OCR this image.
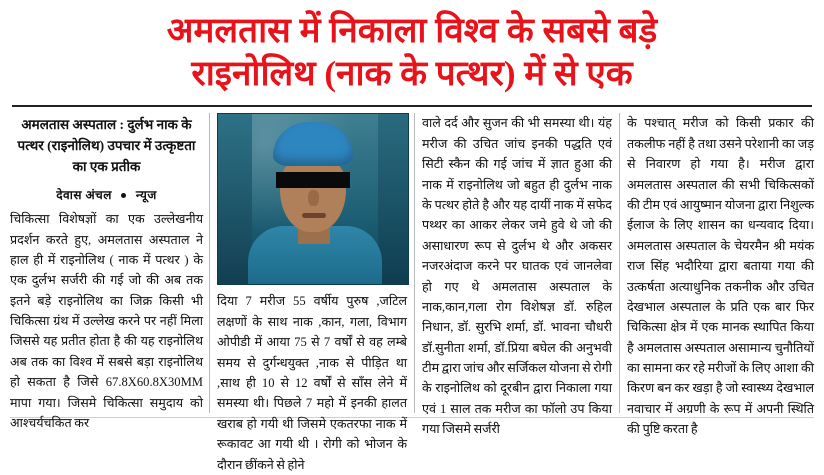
अमलतास में निकाला विश्व के सबसे बड़े
राइनोलिथ (नाक के पत्थर) में से एक
अमलतास अस्पताल : दुर्लभ नाक के पत्थर (राइनोलिथ) उपचार में उत्कृष्टता का एक प्रतीक
देवास अंचल न्यूज

चिकित्सा विशेषज्ञों का एक उल्लेखनीय प्रदर्शन करते हुए, अमलतास अस्पताल ने हाल ही में राइनोलिथ ( नाक में पत्थर ) के एक दुर्लभ सर्जरी की गई जो की अब तक इतने बड़े राइनोलिथ का जिक्र किसी भी चिकित्सा ग्रंथ में उल्लेख करने पर नहीं मिला जिससे यह प्रतीत होता है की यह राइनोलिथ अब तक का विश्व में सबसे बड़ा राइनोलिथ हो सकता है जिसे 67.8X60.8X30MM मापा गया। जिसमे चिकित्सा समुदाय को आश्चर्यचकित कर

दिया 7 मरीज 55 वर्षीय पुरुष ,जटिल लक्षणों के साथ नाक ,कान, गला, विभाग ओपीडी में आया 75 से 7 वर्षों से वह लम्बे समय से दुर्गन्धयुक्त ,नाक से पीड़ित था ,साथ ही 10 से 12 वर्षों से साँस लेने में समस्या थी। पिछले 7 महो में इनकी हालत खराब हो गयी थी जिसमे एकतरफा नाक में रूकावट आ गयी थी । रोगी को भोजन के दौरान छींकने से होने

वाले दर्द और सुजन की भी समस्या थी। यंह मरीज की उचित जांच इनकी पद्धति एवं सिटी स्कैन की गई जांच में ज्ञात हुआ की नाक में राइनोलिथ जो बहुत ही दुर्लभ नाक के पत्थर होते है और यह दायीं नाक में सफेद पथ्थर का आकर लेकर जमे हुवे थे जो की असाधारण रूप से दुर्लभ थे और अकसर नजरअंदाज करने पर घातक एवं जानलेवा हो गए थे अमलतास अस्पताल के नाक,कान,गला रोग विशेषज्ञ डॉ. रुहिल निधान, डॉ. सुरभि शर्मा, डॉ. भावना चौधरी डॉ.सुनीता शर्मा, डॉ.प्रिया बघेल की अनुभवी टीम द्वारा जांच और सर्जिकल योजना से रोगी के राइनोलिथ को दूरबीन द्वारा निकाला गया एवं 1 साल तक मरीज का फॉलो उप किया गया जिसमे सर्जरी

के पश्चात् मरीज को किसी प्रकार की तकलीफ नहीं है तथा उसने परेशानी का जड़ से निवारण हो गया है। मरीज द्वारा अमलतास अस्पताल की सभी चिकित्सकों की टीम एवं आयुष्मान योजना द्वारा निशुल्क ईलाज के लिए शासन का धन्यवाद दिया। अमलतास अस्पताल के चेयरमैन श्री मयंक राज सिंह भदौरिया द्वारा बताया गया की उत्कर्षता अत्याधुनिक तकनीक और उचित देखभाल अस्पताल के प्रति एक बार फिर चिकित्सा क्षेत्र में एक मानक स्थापित किया है अमलतास अस्पताल असामान्य चुनौतियों का सामना कर रहे मरीजों के लिए आशा की किरण बन कर खड़ा है जो स्वास्थ्य देखभाल नवाचार में अग्रणी के रूप में अपनी स्थिति की पुष्टि करता है
